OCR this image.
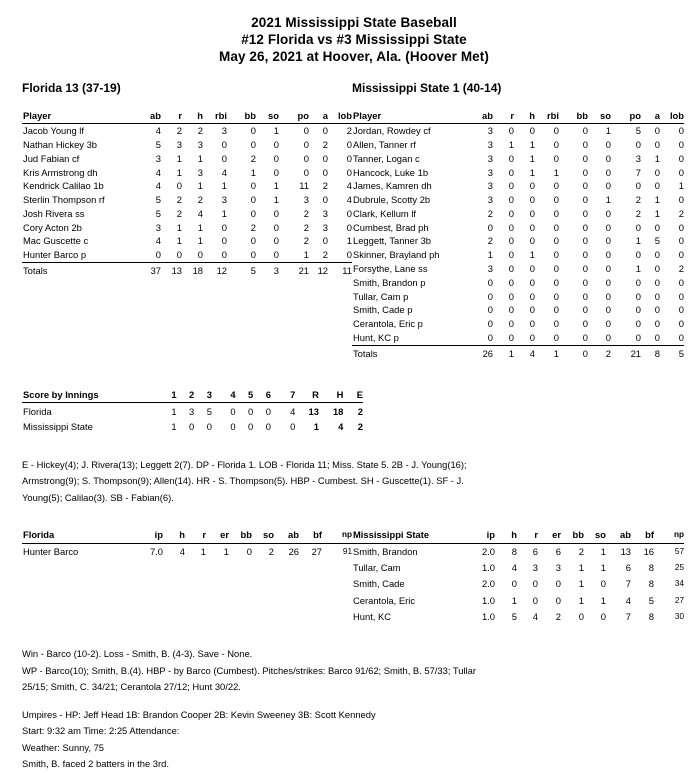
2021 Mississippi State Baseball
#12 Florida vs #3 Mississippi State
May 26, 2021 at Hoover, Ala. (Hoover Met)
Florida 13 (37-19)
Player	ab	r	h	rbi	bb	so	po	a	lob
Jacob Young lf	4	2	2	3	0	1	0	0	2
Nathan Hickey 3b	5	3	3	0	0	0	0	2	0
Jud Fabian cf	3	1	1	0	2	0	0	0	0
Kris Armstrong dh	4	1	3	4	1	0	0	0	0
Kendrick Calilao 1b	4	0	1	1	0	1	11	2	4
Sterlin Thompson rf	5	2	2	3	0	1	3	0	4
Josh Rivera ss	5	2	4	1	0	0	2	3	0
Cory Acton 2b	3	1	1	0	2	0	2	3	0
Mac Guscette c	4	1	1	0	0	0	2	0	1
Hunter Barco p	0	0	0	0	0	0	1	2	0
Totals	37	13	18	12	5	3	21	12	11
Mississippi State 1 (40-14)
Player	ab	r	h	rbi	bb	so	po	a	lob
Jordan, Rowdey cf	3	0	0	0	0	1	5	0	0
Allen, Tanner rf	3	1	1	0	0	0	0	0	0
Tanner, Logan c	3	0	1	0	0	0	3	1	0
Hancock, Luke 1b	3	0	1	1	0	0	7	0	0
James, Kamren dh	3	0	0	0	0	0	0	0	1
Dubrule, Scotty 2b	3	0	0	0	0	1	2	1	0
Clark, Kellum lf	2	0	0	0	0	0	2	1	2
Cumbest, Brad ph	0	0	0	0	0	0	0	0	0
Leggett, Tanner 3b	2	0	0	0	0	0	1	5	0
Skinner, Brayland ph	1	0	1	0	0	0	0	0	0
Forsythe, Lane ss	3	0	0	0	0	0	1	0	2
Smith, Brandon p	0	0	0	0	0	0	0	0	0
Tullar, Cam p	0	0	0	0	0	0	0	0	0
Smith, Cade p	0	0	0	0	0	0	0	0	0
Cerantola, Eric p	0	0	0	0	0	0	0	0	0
Hunt, KC p	0	0	0	0	0	0	0	0	0
Totals	26	1	4	1	0	2	21	8	5
Score by Innings	1	2	3	4	5	6	7	R	H	E
Florida	1	3	5	0	0	0	4	13	18	2
Mississippi State	1	0	0	0	0	0	0	1	4	2

E - Hickey(4); J. Rivera(13); Leggett 2(7). DP - Florida 1. LOB - Florida 11; Miss. State 5. 2B - J. Young(16);

Armstrong(9); S. Thompson(9); Allen(14). HR - S. Thompson(5). HBP - Cumbest. SH - Guscette(1). SF - J.

Young(5); Calilao(3). SB - Fabian(6).

Florida	ip	h	r	er	bb	so	ab	bf	np
Hunter Barco	7.0	4	1	1	0	2	26	27	91
Mississippi State	ip	h	r	er	bb	so	ab	bf	np
Smith, Brandon	2.0	8	6	6	2	1	13	16	57
Tullar, Cam	1.0	4	3	3	1	1	6	8	25
Smith, Cade	2.0	0	0	0	1	0	7	8	34
Cerantola, Eric	1.0	1	0	0	1	1	4	5	27
Hunt, KC	1.0	5	4	2	0	0	7	8	30

Win - Barco (10-2). Loss - Smith, B. (4-3). Save - None.

WP - Barco(10); Smith, B.(4). HBP - by Barco (Cumbest). Pitches/strikes: Barco 91/62; Smith, B. 57/33; Tullar

25/15; Smith, C. 34/21; Cerantola 27/12; Hunt 30/22.

Umpires - HP: Jeff Head 1B: Brandon Cooper 2B: Kevin Sweeney 3B: Scott Kennedy

Start: 9:32 am Time: 2:25 Attendance:

Weather: Sunny, 75

Smith, B. faced 2 batters in the 3rd.
